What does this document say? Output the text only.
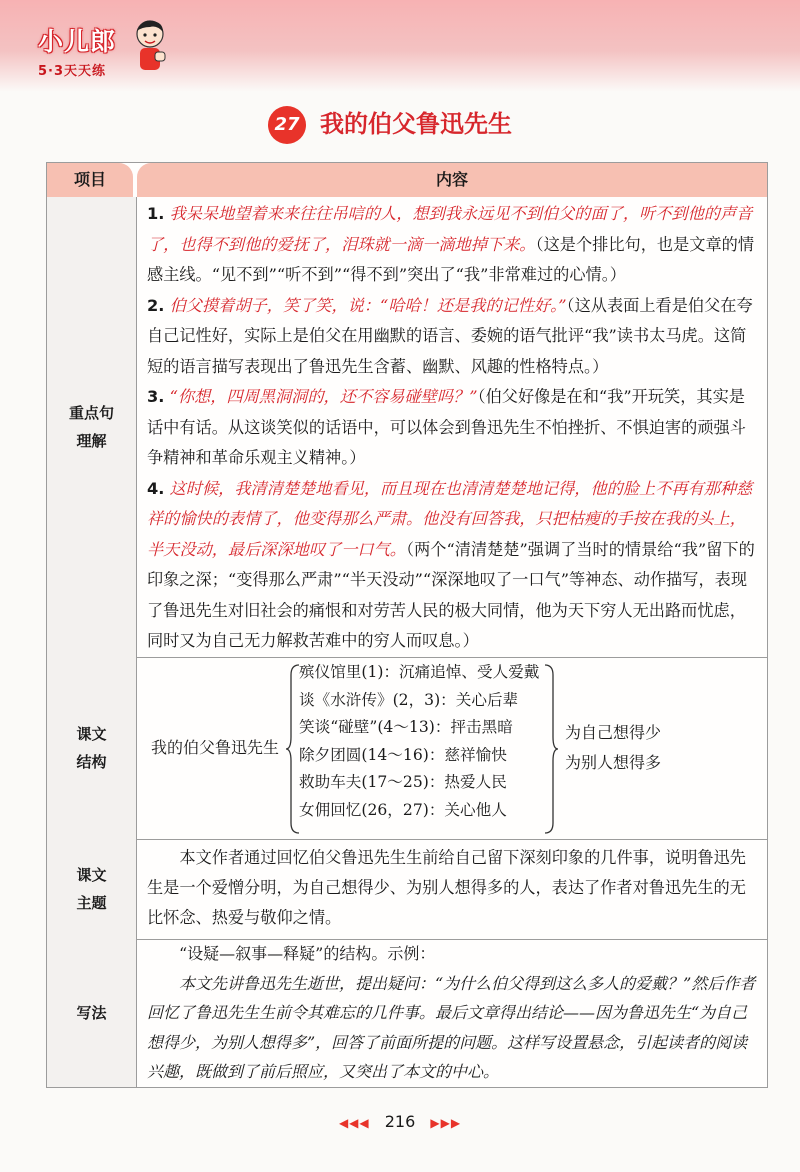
小儿郎
5·3天天练
27 我的伯父鲁迅先生
项目	内容
重点句
理解

1. 我呆呆地望着来来往往吊唁的人，想到我永远见不到伯父的面了，听不到他的声音了，也得不到他的爱抚了，泪珠就一滴一滴地掉下来。（这是个排比句，也是文章的情感主线。“见不到”“听不到”“得不到”突出了“我”非常难过的心情。）

2. 伯父摸着胡子，笑了笑，说：“哈哈！还是我的记性好。”（这从表面上看是伯父在夸自己记性好，实际上是伯父在用幽默的语言、委婉的语气批评“我”读书太马虎。这简短的语言描写表现出了鲁迅先生含蓄、幽默、风趣的性格特点。）

3. “你想，四周黑洞洞的，还不容易碰壁吗？”（伯父好像是在和“我”开玩笑，其实是话中有话。从这谈笑似的话语中，可以体会到鲁迅先生不怕挫折、不惧迫害的顽强斗争精神和革命乐观主义精神。）

4. 这时候，我清清楚楚地看见，而且现在也清清楚楚地记得，他的脸上不再有那种慈祥的愉快的表情了，他变得那么严肃。他没有回答我，只把枯瘦的手按在我的头上，半天没动，最后深深地叹了一口气。（两个“清清楚楚”强调了当时的情景给“我”留下的印象之深；“变得那么严肃”“半天没动”“深深地叹了一口气”等神态、动作描写，表现了鲁迅先生对旧社会的痛恨和对劳苦人民的极大同情，他为天下穷人无出路而忧虑，同时又为自己无力解救苦难中的穷人而叹息。）

课文
结构
我的伯父鲁迅先生
殡仪馆里(1)：沉痛追悼、受人爱戴
谈《水浒传》(2，3)：关心后辈
笑谈“碰壁”(4～13)：抨击黑暗
除夕团圆(14～16)：慈祥愉快
救助车夫(17～25)：热爱人民
女佣回忆(26，27)：关心他人
为自己想得少
为别人想得多
课文
主题
本文作者通过回忆伯父鲁迅先生生前给自己留下深刻印象的几件事，说明鲁迅先生是一个爱憎分明，为自己想得少、为别人想得多的人，表达了作者对鲁迅先生的无比怀念、热爱与敬仰之情。
写法
“设疑—叙事—释疑”的结构。示例：
本文先讲鲁迅先生逝世，提出疑问：“为什么伯父得到这么多人的爱戴？”然后作者回忆了鲁迅先生生前令其难忘的几件事。最后文章得出结论——因为鲁迅先生“为自己想得少，为别人想得多”，回答了前面所提的问题。这样写设置悬念，引起读者的阅读兴趣，既做到了前后照应，又突出了本文的中心。
◀◀◀ 216 ▶▶▶
